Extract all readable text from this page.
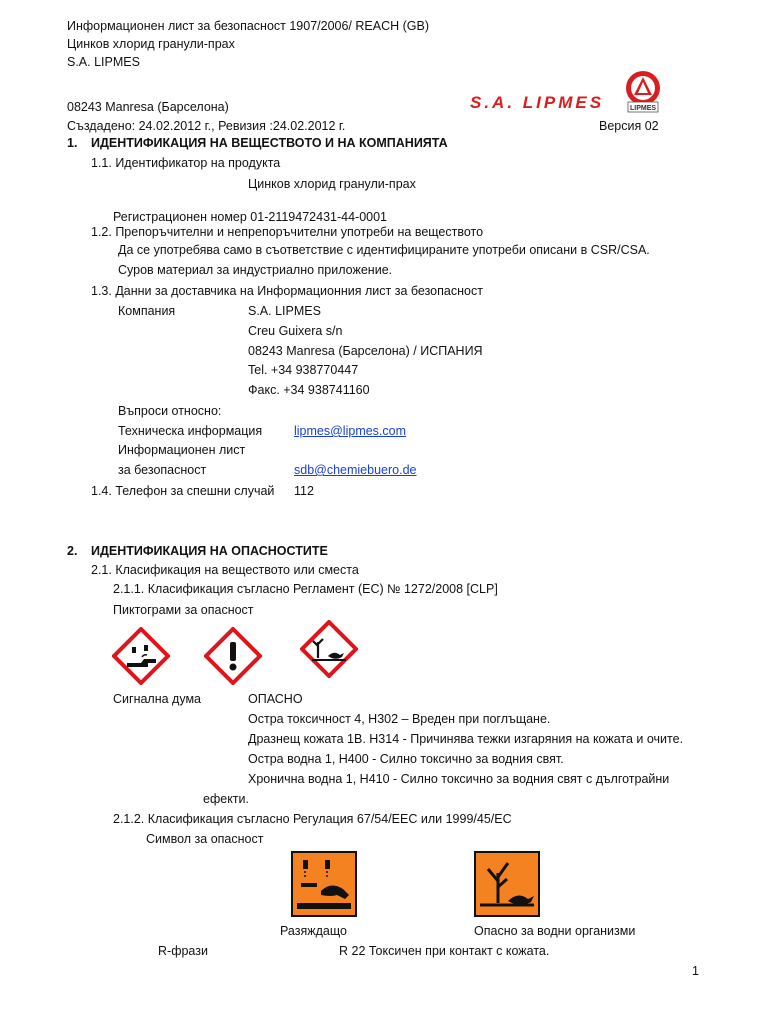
Информационен лист за безопасност 1907/2006/ REACH (GB)
Цинков хлорид гранули-прах
S.A. LIPMES
S.A. LIPMES	LIPMES
08243 Manresa (Барселона)
Създадено: 24.02.2012 г., Ревизия :24.02.2012 г.	Версия 02
1. ИДЕНТИФИКАЦИЯ НА ВЕЩЕСТВОТО И НА КОМПАНИЯТА
1.1. Идентификатор на продукта
Цинков хлорид гранули-прах
Регистрационен номер 01-2119472431-44-0001
1.2. Препоръчителни и непрепоръчителни употреби на веществото
Да се употребява само в съответствие с идентифицираните употреби описани в CSR/CSA.
Суров материал за индустриално приложение.
1.3. Данни за доставчика на Информационния лист за безопасност
Компания	S.A. LIPMES
Creu Guixera s/n
08243 Manresa (Барселона) / ИСПАНИЯ
Tel. +34 938770447
Факс. +34 938741160
Въпроси относно:
Техническа информация	lipmes@lipmes.com
Информационен лист
за безопасност	sdb@chemiebuero.de
1.4. Телефон за спешни случай 112
2. ИДЕНТИФИКАЦИЯ НА ОПАСНОСТИТЕ
2.1. Класификация на веществото или сместа
2.1.1. Класификация съгласно Регламент (ЕС) № 1272/2008 [CLP]
Пиктограми за опасност
Сигнална дума	ОПАСНО
Остра токсичност 4, H302 – Вреден при поглъщане.
Дразнещ кожата 1B. H314 - Причинява тежки изгаряния на кожата и очите.
Остра водна 1, H400 - Силно токсично за водния свят.
Хронична водна 1, H410 - Силно токсично за водния свят с дълготрайни
ефекти.
2.1.2. Класификация съгласно Регулация 67/54/ЕЕС или 1999/45/ЕС
Символ за опасност
Разяждащо	Опасно за водни организми
R-фрази	R 22 Токсичен при контакт с кожата.
1
